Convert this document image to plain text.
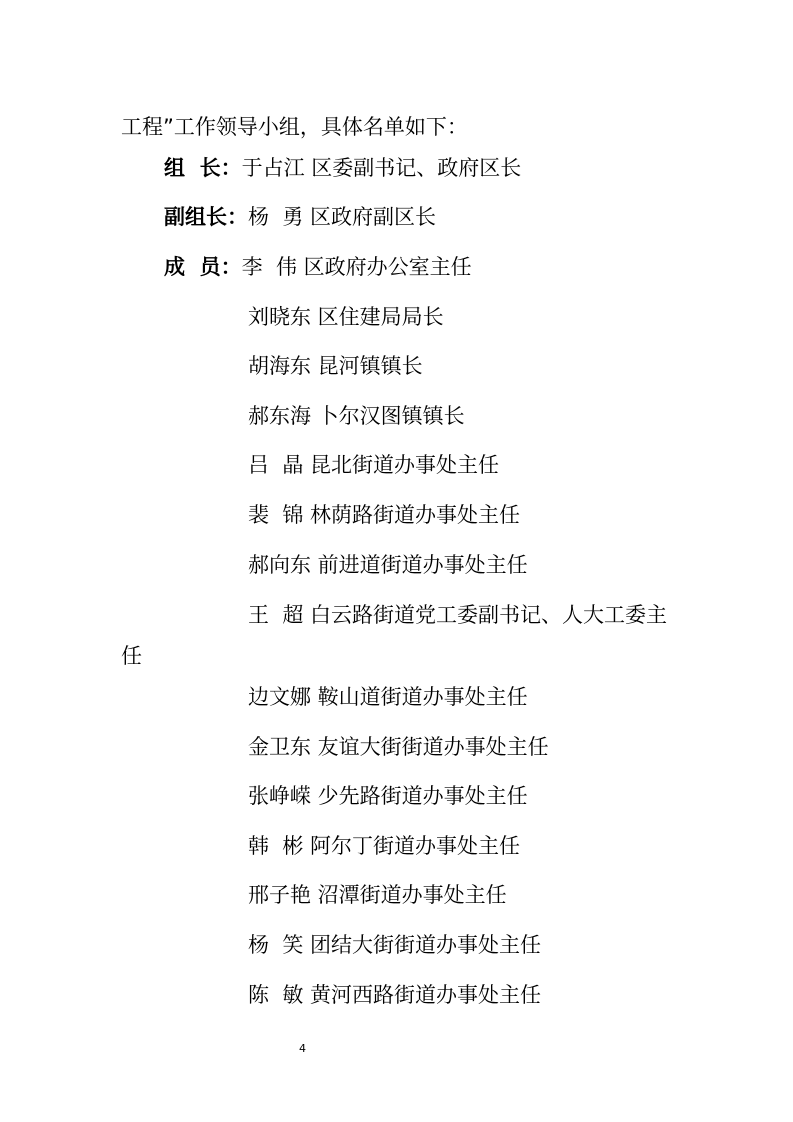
工程”工作领导小组，具体名单如下：
组  长：于占江 区委副书记、政府区长
副组长：杨  勇 区政府副区长
成  员：李  伟 区政府办公室主任
刘晓东 区住建局局长
胡海东 昆河镇镇长
郝东海 卜尔汉图镇镇长
吕  晶 昆北街道办事处主任
裴  锦 林荫路街道办事处主任
郝向东 前进道街道办事处主任
王  超 白云路街道党工委副书记、人大工委主
任
边文娜 鞍山道街道办事处主任
金卫东 友谊大街街道办事处主任
张峥嵘 少先路街道办事处主任
韩  彬 阿尔丁街道办事处主任
邢子艳 沼潭街道办事处主任
杨  笑 团结大街街道办事处主任
陈  敏 黄河西路街道办事处主任
4
